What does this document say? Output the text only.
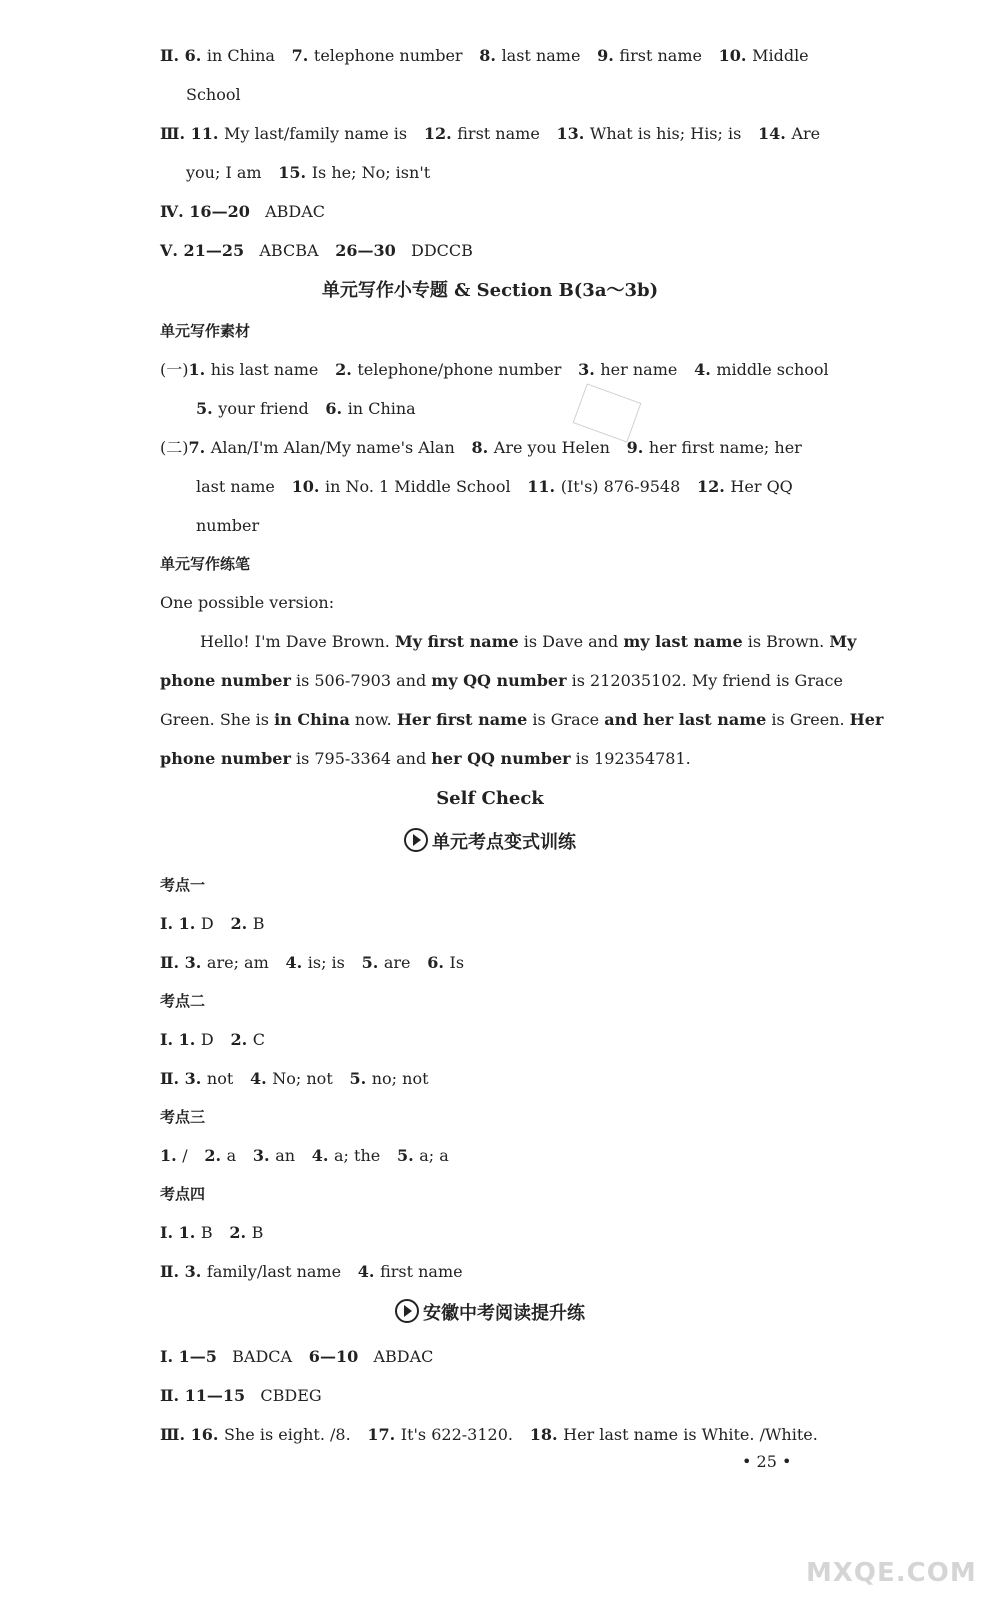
Ⅱ. 6. in China   7. telephone number   8. last name   9. first name   10. Middle
School
Ⅲ. 11. My last/family name is   12. first name   13. What is his; His; is   14. Are
you; I am   15. Is he; No; isn't
Ⅳ. 16—20   ABDAC
Ⅴ. 21—25   ABCBA   26—30   DDCCB
单元写作小专题 & Section B(3a～3b)
单元写作素材
(一)1. his last name   2. telephone/phone number   3. her name   4. middle school
5. your friend   6. in China
(二)7. Alan/I'm Alan/My name's Alan   8. Are you Helen   9. her first name; her
last name   10. in No. 1 Middle School   11. (It's) 876-9548   12. Her QQ
number
单元写作练笔
One possible version:
Hello! I'm Dave Brown. My first name is Dave and my last name is Brown. My
phone number is 506-7903 and my QQ number is 212035102. My friend is Grace
Green. She is in China now. Her first name is Grace and her last name is Green. Her
phone number is 795-3364 and her QQ number is 192354781.
Self Check
单元考点变式训练
考点一
Ⅰ. 1. D   2. B
Ⅱ. 3. are; am   4. is; is   5. are   6. Is
考点二
Ⅰ. 1. D   2. C
Ⅱ. 3. not   4. No; not   5. no; not
考点三
1. /   2. a   3. an   4. a; the   5. a; a
考点四
Ⅰ. 1. B   2. B
Ⅱ. 3. family/last name   4. first name
安徽中考阅读提升练
Ⅰ. 1—5   BADCA   6—10   ABDAC
Ⅱ. 11—15   CBDEG
Ⅲ. 16. She is eight. /8.   17. It's 622-3120.   18. Her last name is White. /White.
• 25 •
MXQE.COM
